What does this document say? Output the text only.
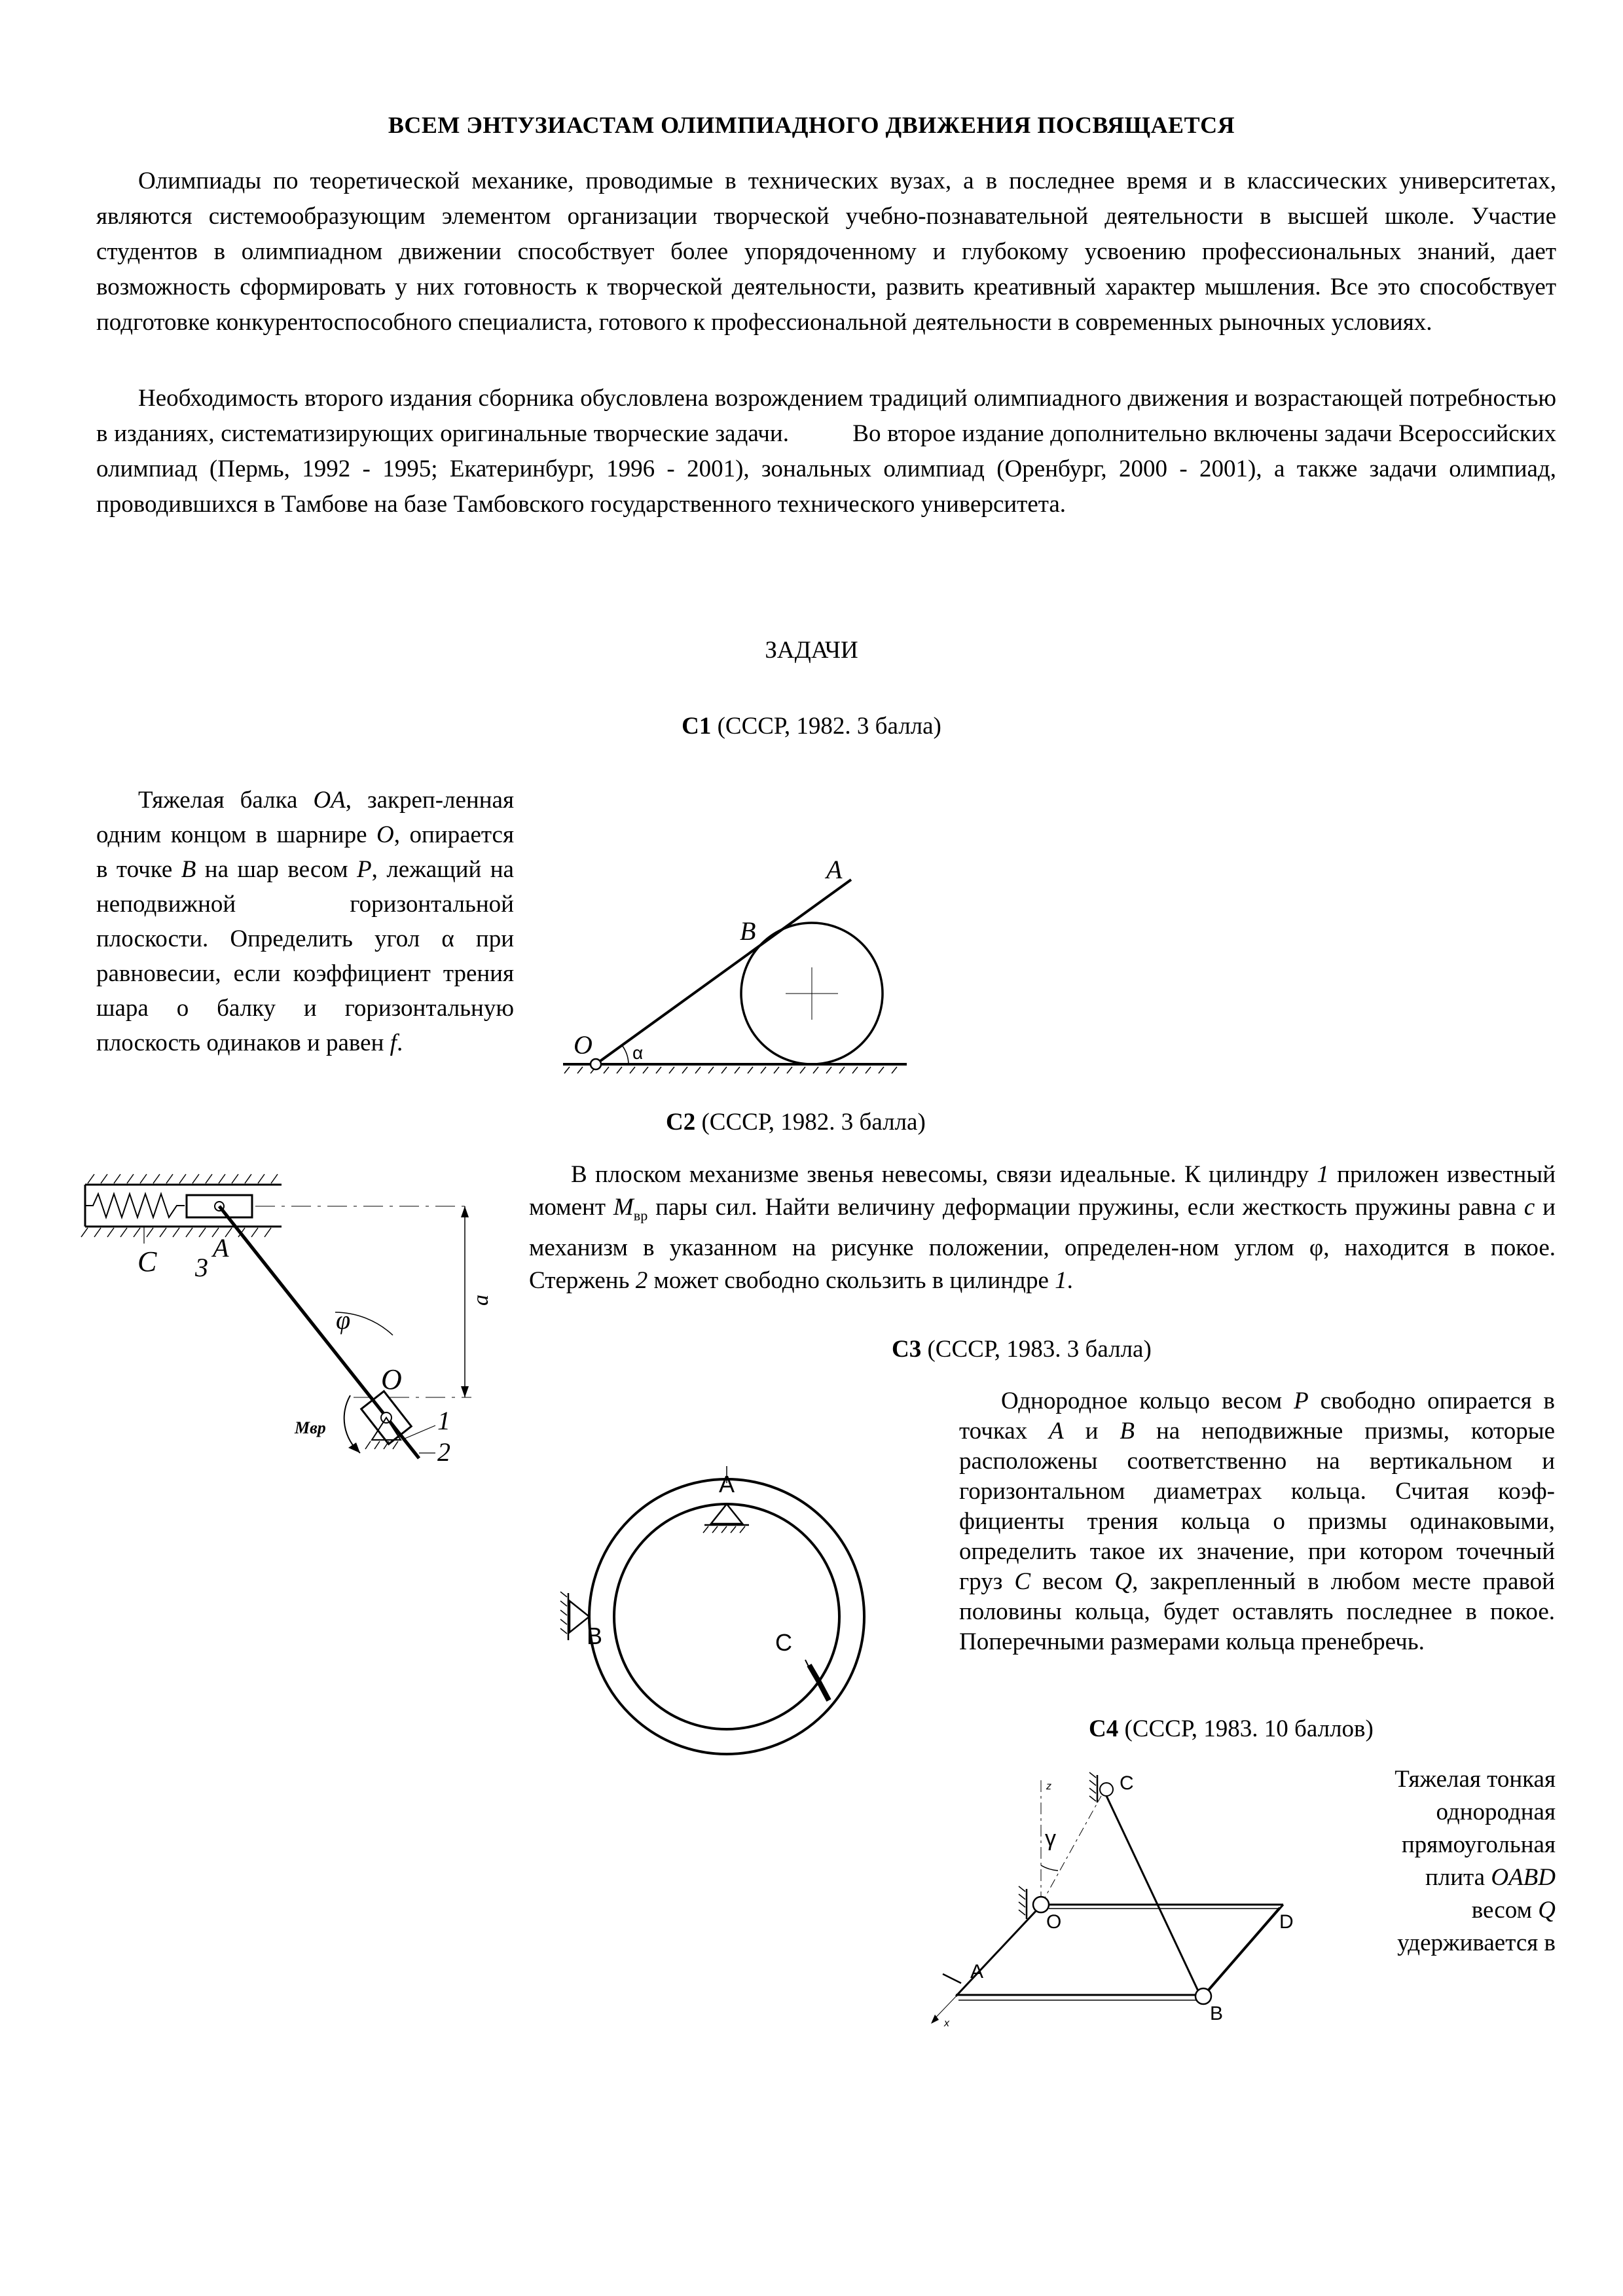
ВСЕМ ЭНТУЗИАСТАМ ОЛИМПИАДНОГО ДВИЖЕНИЯ ПОСВЯЩАЕТСЯ

Олимпиады по теоретической механике, проводимые в технических вузах, а в последнее время и в классических университетах, являются системообразующим элементом организации творческой учебно-познавательной деятельности в высшей школе. Участие студентов в олимпиадном движении способствует более упорядоченному и глубокому усвоению профессиональных знаний, дает возможность сформировать у них готовность к творческой деятельности, развить креативный характер мышления. Все это способствует подготовке конкурентоспособного специалиста, готового к профессиональной деятельности в современных рыночных условиях.

Необходимость второго издания сборника обусловлена возрождением традиций олимпиадного движения и возрастающей потребностью в изданиях, систематизирующих оригинальные творческие задачи.          Во второе издание дополнительно включены задачи Всероссийских олимпиад (Пермь, 1992 - 1995; Екатеринбург, 1996 - 2001), зональных олимпиад (Оренбург, 2000 - 2001), а также задачи олимпиад, проводившихся в Тамбове на базе Тамбовского государственного технического университета.

ЗАДАЧИ
С1 (СССР, 1982. 3 балла)

Тяжелая балка OA, закреп-ленная одним концом в шарнире O, опирается в точке B на шар весом P, лежащий на неподвижной горизонтальной плоскости. Определить угол α при равновесии, если коэффициент трения шара о балку и горизонтальную плоскость одинаков и равен f.

A
B
O α
С2 (СССР, 1982. 3 балла)

В плоском механизме звенья невесомы, связи идеальные. К цилиндру 1 приложен известный момент $M_{вр}$ пары сил. Найти величину деформации пружины, если жесткость пружины равна c и механизм в указанном на рисунке положении, определен-ном углом φ, находится в покое. Стержень 2 может свободно скользить в цилиндре 1.

C 3
A
φ
a
O
1
2
Mвр
С3 (СССР, 1983. 3 балла)

Однородное кольцо весом P свободно опирается в точках A и B на неподвижные призмы, которые расположены соответственно на вертикальном и горизонтальном диаметрах кольца. Считая коэф-фициенты трения кольца о призмы одинаковыми, определить такое их значение, при котором точечный груз C весом Q, закрепленный в любом месте правой половины кольца, будет оставлять последнее в покое. Поперечными размерами кольца пренебречь.

A
B	C
С4 (СССР, 1983. 10 баллов)

Тяжелая тонкая однородная прямоугольная плита OABD весом Q удерживается в

z	C
γ
O	D
A
B
x
